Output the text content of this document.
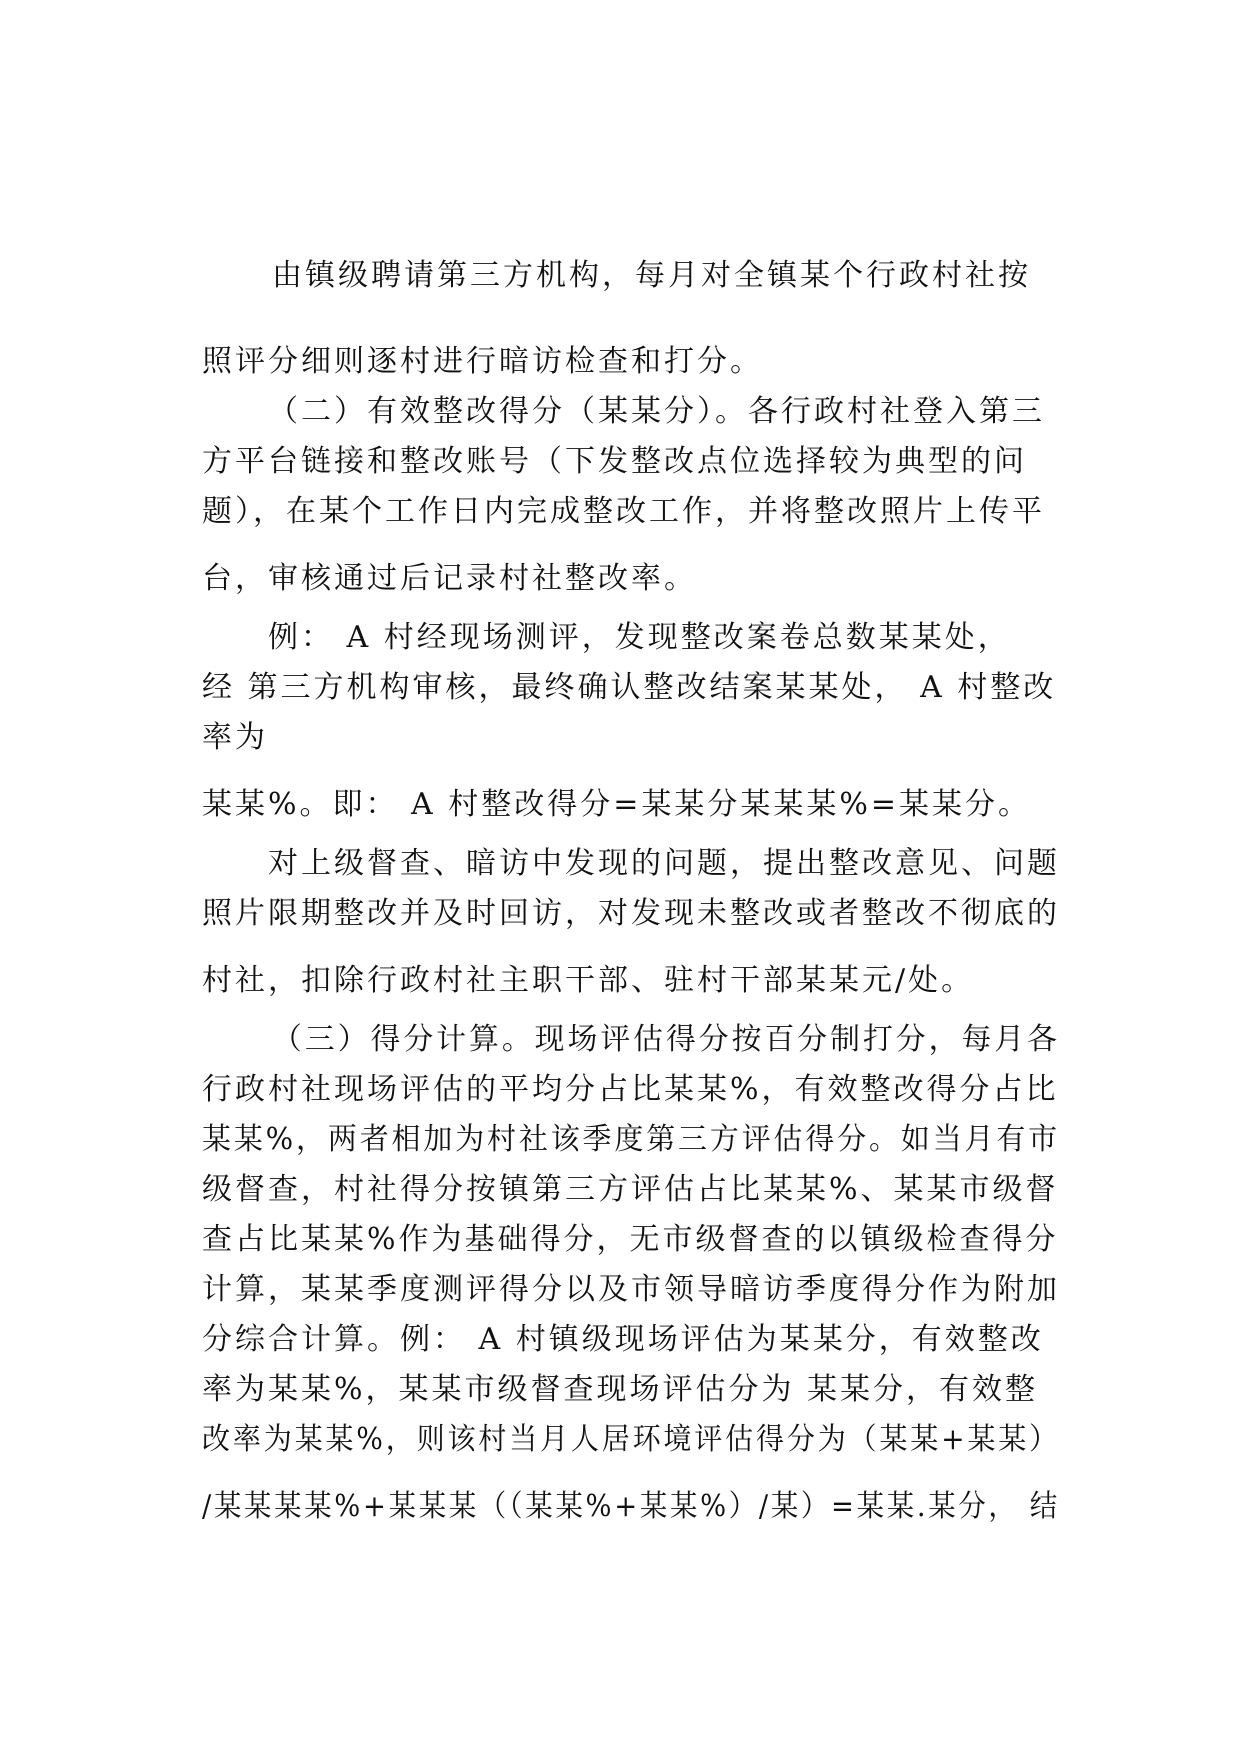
由镇级聘请第三方机构，每月对全镇某个行政村社按
照评分细则逐村进行暗访检查和打分。
（二）有效整改得分（某某分）。各行政村社登入第三
方平台链接和整改账号（下发整改点位选择较为典型的问
题），在某个工作日内完成整改工作，并将整改照片上传平
台，审核通过后记录村社整改率。
例： A 村经现场测评，发现整改案卷总数某某处，
经 第三方机构审核，最终确认整改结案某某处， A 村整改
率为
某某%。即： A 村整改得分=某某分某某某%=某某分。
对上级督查、暗访中发现的问题，提出整改意见、问题
照片限期整改并及时回访，对发现未整改或者整改不彻底的
村社，扣除行政村社主职干部、驻村干部某某元/处。
（三）得分计算。现场评估得分按百分制打分，每月各
行政村社现场评估的平均分占比某某%，有效整改得分占比
某某%，两者相加为村社该季度第三方评估得分。如当月有市
级督查，村社得分按镇第三方评估占比某某%、某某市级督
查占比某某%作为基础得分，无市级督查的以镇级检查得分
计算，某某季度测评得分以及市领导暗访季度得分作为附加
分综合计算。例： A 村镇级现场评估为某某分，有效整改
率为某某%，某某市级督查现场评估分为 某某分，有效整
改率为某某%，则该村当月人居环境评估得分为（某某+某某）
/某某某某%+某某某（（某某%+某某%）/某）=某某.某分， 结
